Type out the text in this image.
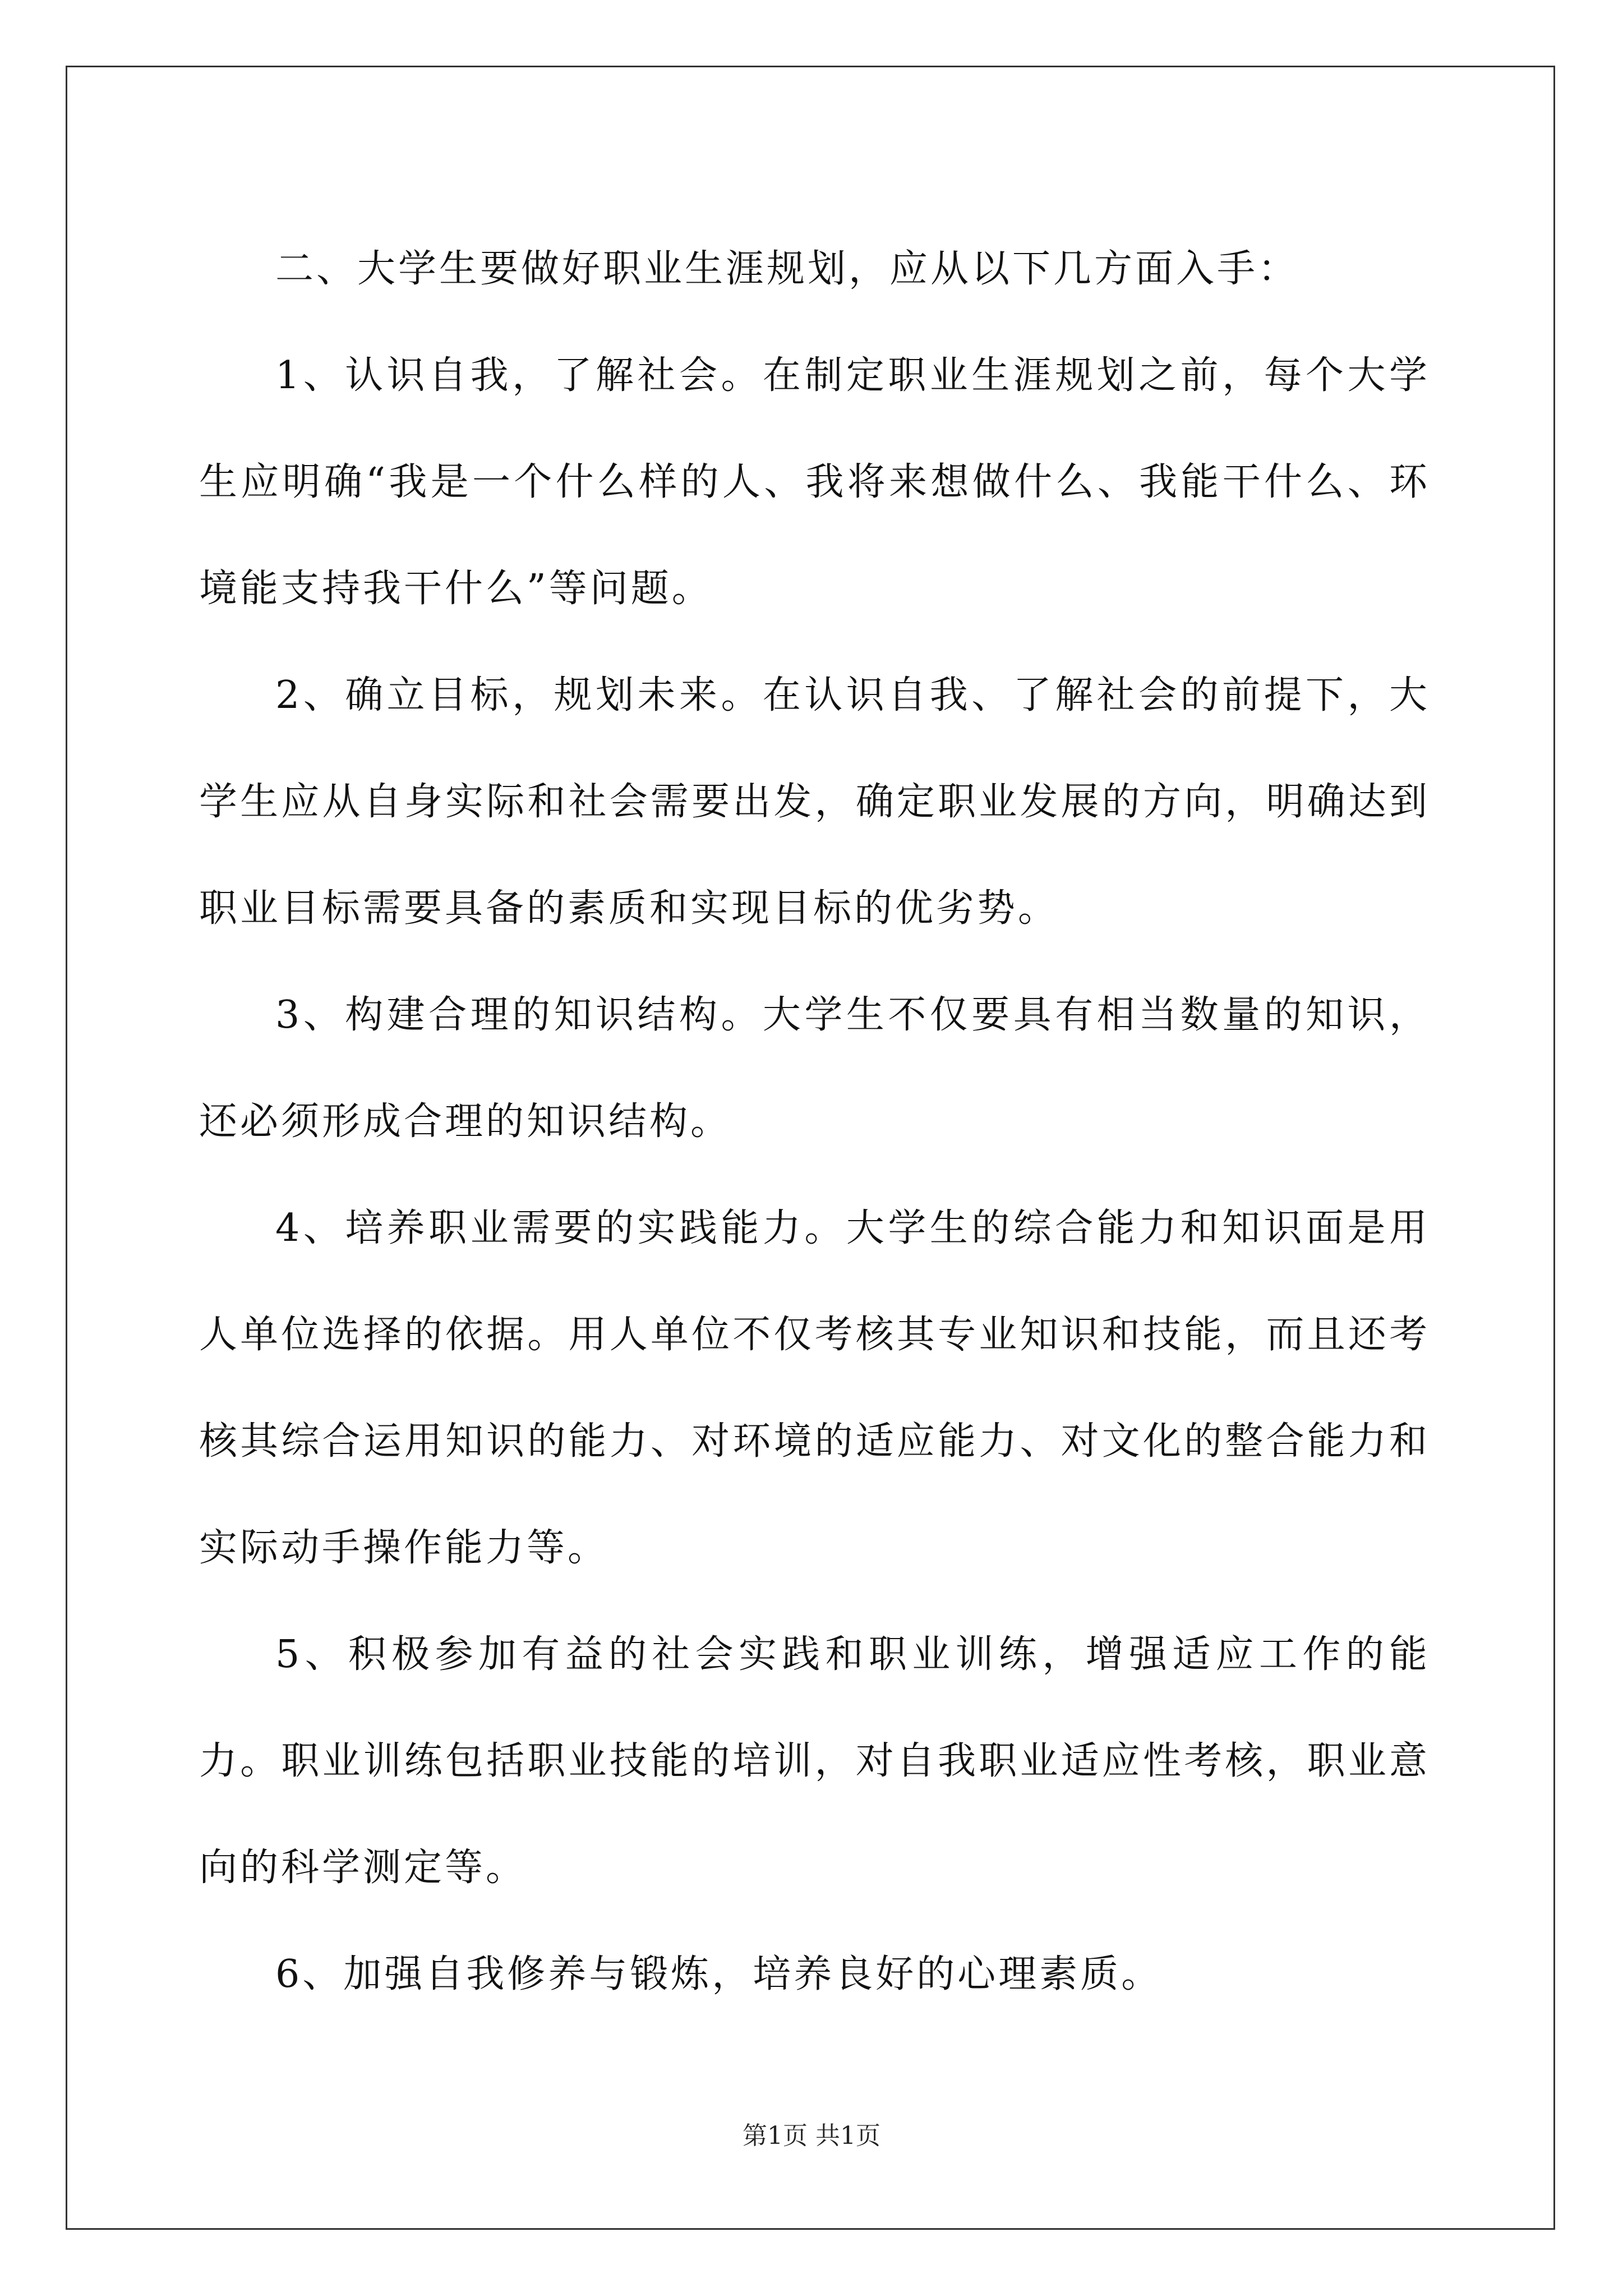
二、大学生要做好职业生涯规划，应从以下几方面入手：

1、认识自我，了解社会。在制定职业生涯规划之前，每个大学生应明确“我是一个什么样的人、我将来想做什么、我能干什么、环境能支持我干什么”等问题。

2、确立目标，规划未来。在认识自我、了解社会的前提下，大学生应从自身实际和社会需要出发，确定职业发展的方向，明确达到职业目标需要具备的素质和实现目标的优劣势。

3、构建合理的知识结构。大学生不仅要具有相当数量的知识，还必须形成合理的知识结构。

4、培养职业需要的实践能力。大学生的综合能力和知识面是用人单位选择的依据。用人单位不仅考核其专业知识和技能，而且还考核其综合运用知识的能力、对环境的适应能力、对文化的整合能力和实际动手操作能力等。

5、积极参加有益的社会实践和职业训练，增强适应工作的能力。职业训练包括职业技能的培训，对自我职业适应性考核，职业意向的科学测定等。

6、加强自我修养与锻炼，培养良好的心理素质。

第1页 共1页
